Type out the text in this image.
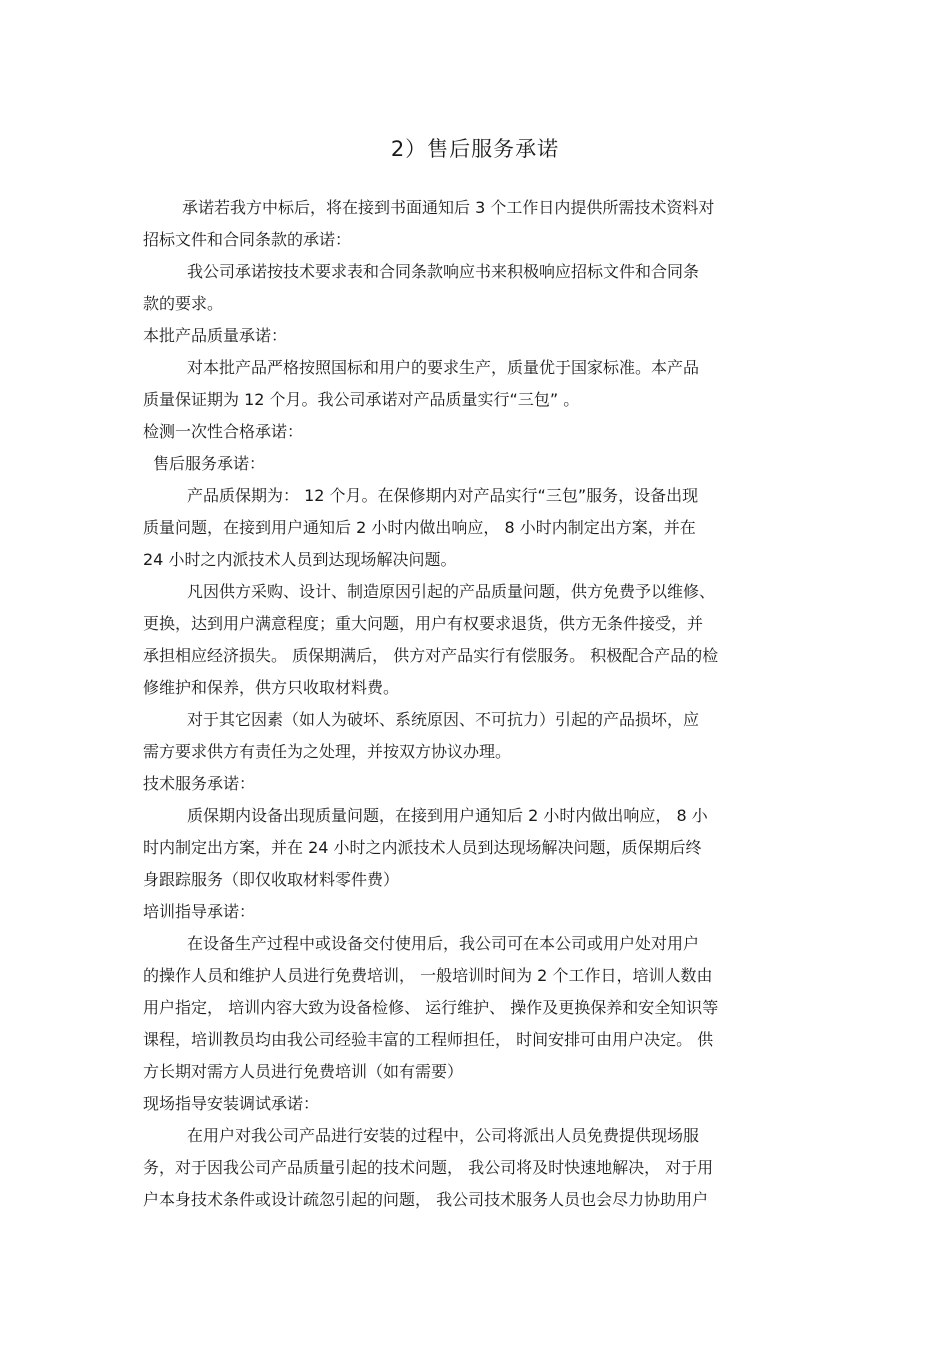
2）售后服务承诺
承诺若我方中标后，将在接到书面通知后 3 个工作日内提供所需技术资料对
招标文件和合同条款的承诺：
我公司承诺按技术要求表和合同条款响应书来积极响应招标文件和合同条
款的要求。
本批产品质量承诺：
对本批产品严格按照国标和用户的要求生产，质量优于国家标准。本产品
质量保证期为 12 个月。我公司承诺对产品质量实行“三包” 。
检测一次性合格承诺：
售后服务承诺：
产品质保期为： 12 个月。在保修期内对产品实行“三包”服务，设备出现
质量问题，在接到用户通知后 2 小时内做出响应， 8 小时内制定出方案，并在
24 小时之内派技术人员到达现场解决问题。
凡因供方采购、设计、制造原因引起的产品质量问题，供方免费予以维修、
更换，达到用户满意程度；重大问题，用户有权要求退货，供方无条件接受，并
承担相应经济损失。 质保期满后， 供方对产品实行有偿服务。 积极配合产品的检
修维护和保养，供方只收取材料费。
对于其它因素（如人为破坏、系统原因、不可抗力）引起的产品损坏，应
需方要求供方有责任为之处理，并按双方协议办理。
技术服务承诺：
质保期内设备出现质量问题，在接到用户通知后 2 小时内做出响应， 8 小
时内制定出方案，并在 24 小时之内派技术人员到达现场解决问题，质保期后终
身跟踪服务（即仅收取材料零件费）
培训指导承诺：
在设备生产过程中或设备交付使用后，我公司可在本公司或用户处对用户
的操作人员和维护人员进行免费培训， 一般培训时间为 2 个工作日，培训人数由
用户指定， 培训内容大致为设备检修、 运行维护、 操作及更换保养和安全知识等
课程，培训教员均由我公司经验丰富的工程师担任， 时间安排可由用户决定。 供
方长期对需方人员进行免费培训（如有需要）
现场指导安装调试承诺：
在用户对我公司产品进行安装的过程中，公司将派出人员免费提供现场服
务，对于因我公司产品质量引起的技术问题， 我公司将及时快速地解决， 对于用
户本身技术条件或设计疏忽引起的问题， 我公司技术服务人员也会尽力协助用户
